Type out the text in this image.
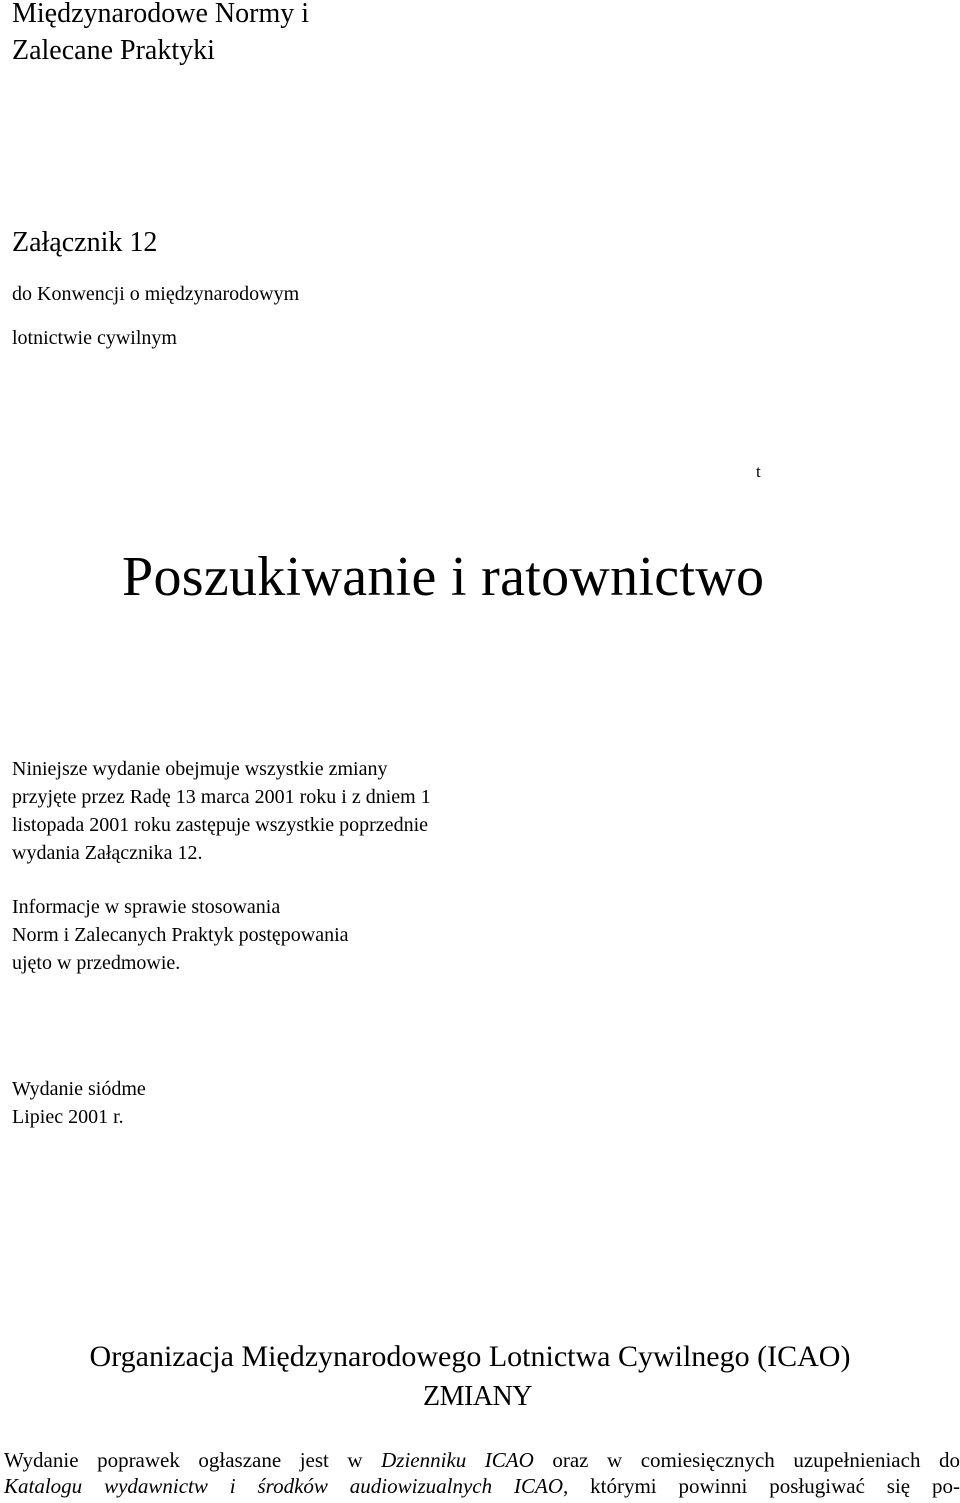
Międzynarodowe Normy i

Zalecane Praktyki

Załącznik 12

do Konwencji o międzynarodowym

lotnictwie cywilnym

t
Poszukiwanie i ratownictwo

Niniejsze wydanie obejmuje wszystkie zmiany

przyjęte przez Radę 13 marca 2001 roku i z dniem 1

listopada 2001 roku zastępuje wszystkie poprzednie

wydania Załącznika 12.

Informacje w sprawie stosowania

Norm i Zalecanych Praktyk postępowania

ujęto w przedmowie.

Wydanie siódme

Lipiec 2001 r.

Organizacja Międzynarodowego Lotnictwa Cywilnego (ICAO)

ZMIANY

Wydanie poprawek ogłaszane jest w Dzienniku ICAO oraz w comiesięcznych uzupełnieniach do

Katalogu wydawnictw i środków audiowizualnych ICAO, którymi powinni posługiwać się po-
